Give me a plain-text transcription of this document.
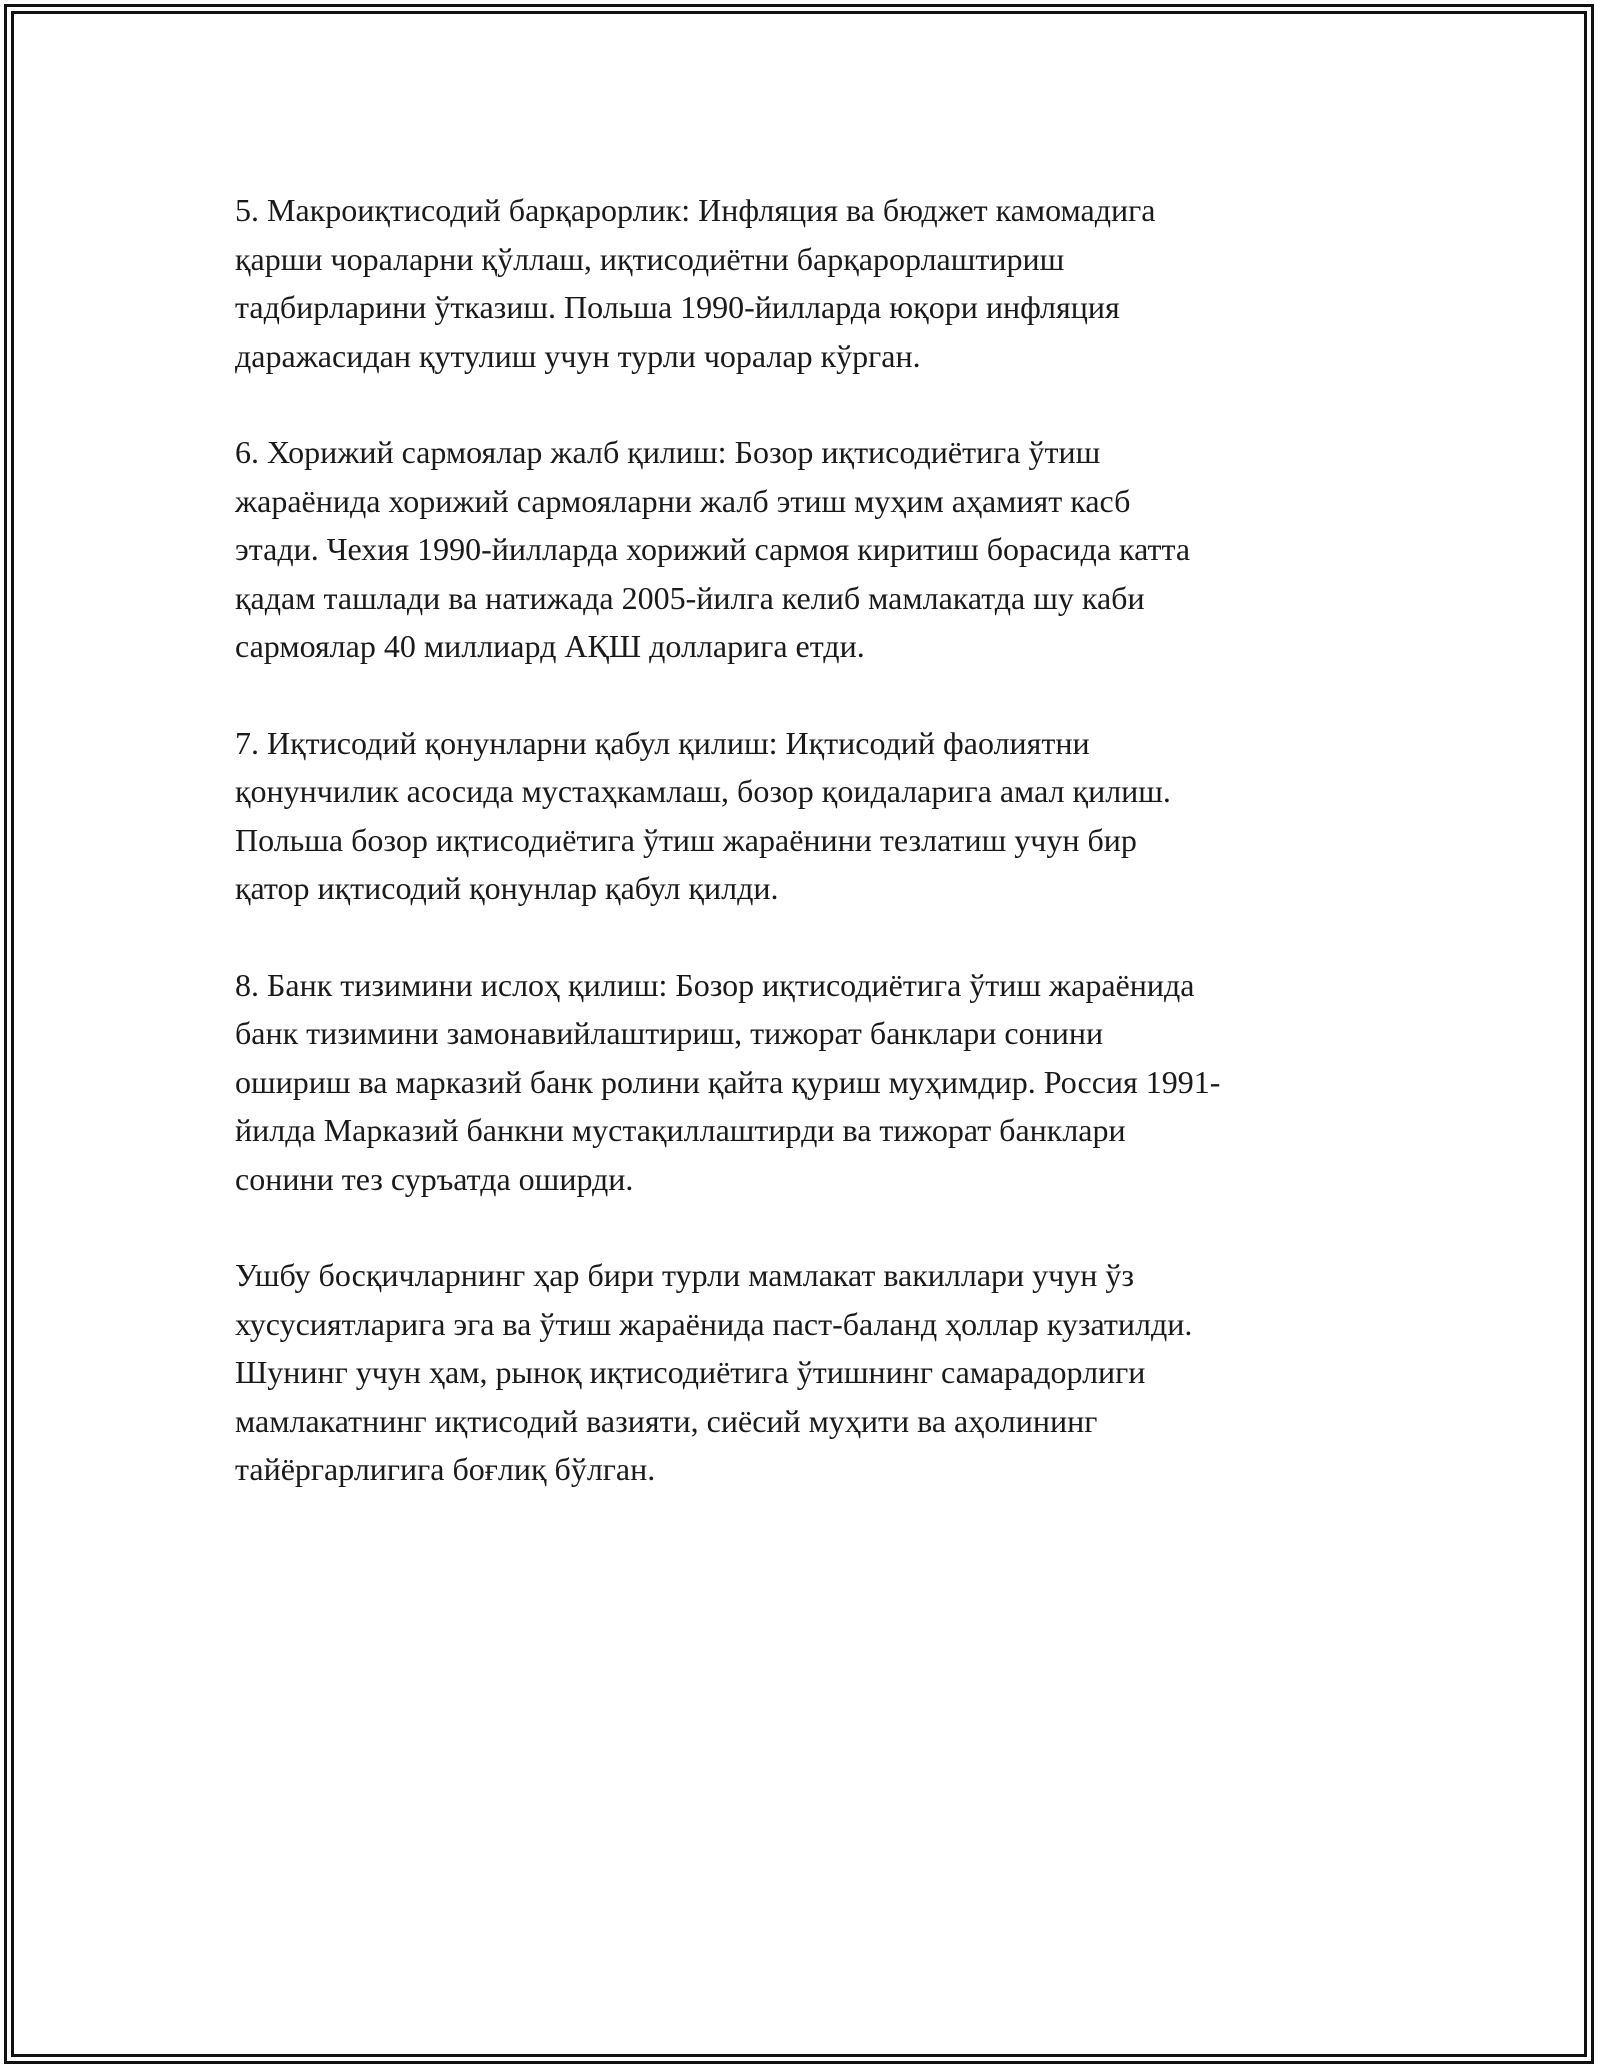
5. Макроиқтисодий барқарорлик: Инфляция ва бюджет камомадига
қарши чораларни қўллаш, иқтисодиётни барқарорлаштириш
тадбирларини ўтказиш. Польша 1990-йилларда юқори инфляция
даражасидан қутулиш учун турли чоралар кўрган.

6. Хорижий сармоялар жалб қилиш: Бозор иқтисодиётига ўтиш
жараёнида хорижий сармояларни жалб этиш муҳим аҳамият касб
этади. Чехия 1990-йилларда хорижий сармоя киритиш борасида катта
қадам ташлади ва натижада 2005-йилга келиб мамлакатда шу каби
сармоялар 40 миллиард АҚШ долларига етди.

7. Иқтисодий қонунларни қабул қилиш: Иқтисодий фаолиятни
қонунчилик асосида мустаҳкамлаш, бозор қоидаларига амал қилиш.
Польша бозор иқтисодиётига ўтиш жараёнини тезлатиш учун бир
қатор иқтисодий қонунлар қабул қилди.

8. Банк тизимини ислоҳ қилиш: Бозор иқтисодиётига ўтиш жараёнида
банк тизимини замонавийлаштириш, тижорат банклари сонини
ошириш ва марказий банк ролини қайта қуриш муҳимдир. Россия 1991-
йилда Марказий банкни мустақиллаштирди ва тижорат банклари
сонини тез суръатда оширди.

Ушбу босқичларнинг ҳар бири турли мамлакат вакиллари учун ўз
хусусиятларига эга ва ўтиш жараёнида паст-баланд ҳоллар кузатилди.
Шунинг учун ҳам, рыноқ иқтисодиётига ўтишнинг самарадорлиги
мамлакатнинг иқтисодий вазияти, сиёсий муҳити ва аҳолининг
тайёргарлигига боғлиқ бўлган.
